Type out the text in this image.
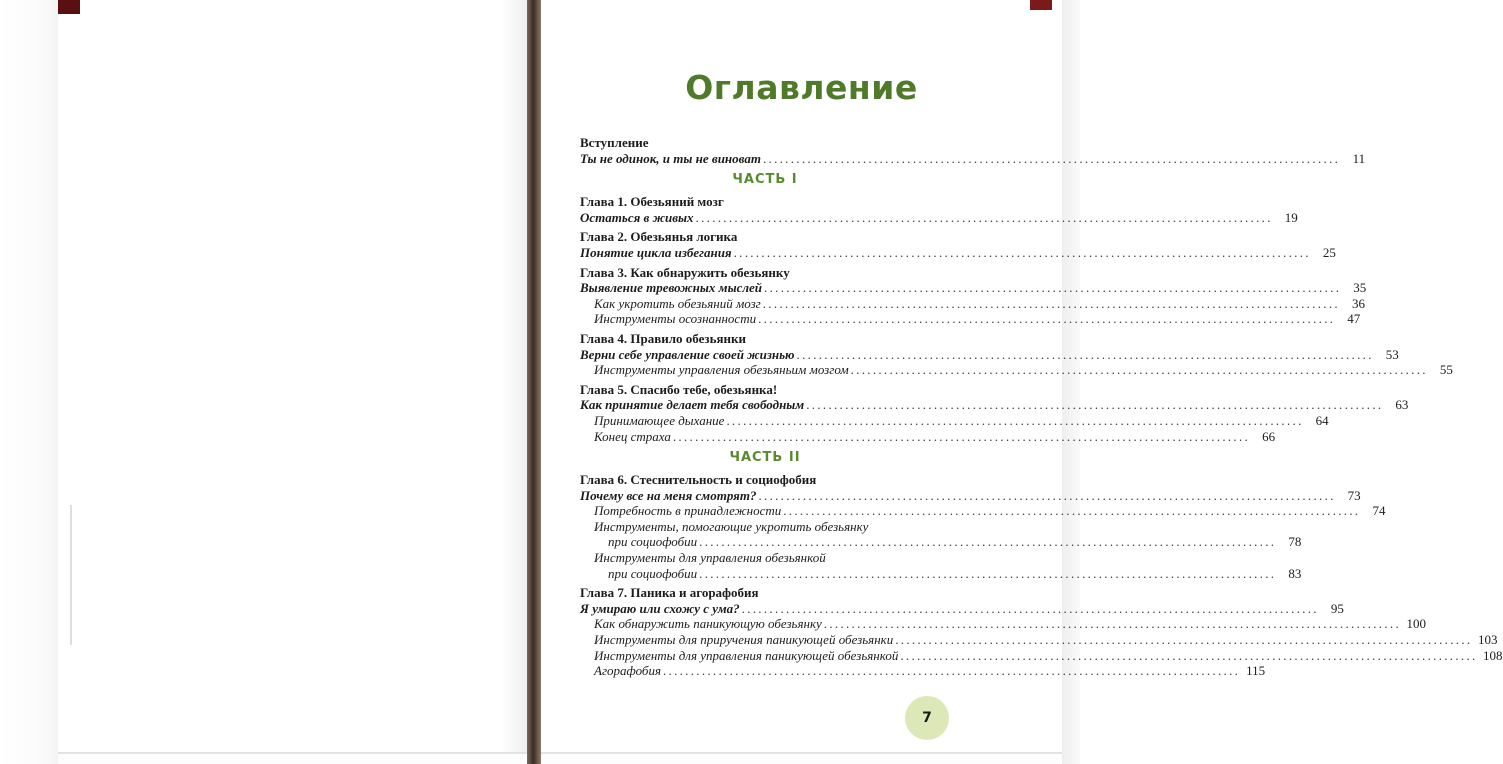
Оглавление
Вступление
Ты не одинок, и ты не виноват ........................................................................................................ 11
ЧАСТЬ I
Глава 1. Обезьяний мозг
Остаться в живых ........................................................................................................ 19
Глава 2. Обезьянья логика
Понятие цикла избегания ........................................................................................................ 25
Глава 3. Как обнаружить обезьянку
Выявление тревожных мыслей ........................................................................................................ 35
Как укротить обезьяний мозг ........................................................................................................ 36
Инструменты осознанности ........................................................................................................ 47
Глава 4. Правило обезьянки
Верни себе управление своей жизнью ........................................................................................................ 53
Инструменты управления обезьяньим мозгом ........................................................................................................ 55
Глава 5. Спасибо тебе, обезьянка!
Как принятие делает тебя свободным ........................................................................................................ 63
Принимающее дыхание ........................................................................................................ 64
Конец страха ........................................................................................................ 66
ЧАСТЬ II
Глава 6. Стеснительность и социофобия
Почему все на меня смотрят? ........................................................................................................ 73
Потребность в принадлежности ........................................................................................................ 74
Инструменты, помогающие укротить обезьянку
при социофобии ........................................................................................................ 78
Инструменты для управления обезьянкой
при социофобии ........................................................................................................ 83
Глава 7. Паника и агорафобия
Я умираю или схожу с ума? ........................................................................................................ 95
Как обнаружить паникующую обезьянку ........................................................................................................ 100
Инструменты для приручения паникующей обезьянки ........................................................................................................ 103
Инструменты для управления паникующей обезьянкой ........................................................................................................ 108
Агорафобия ........................................................................................................ 115
7
